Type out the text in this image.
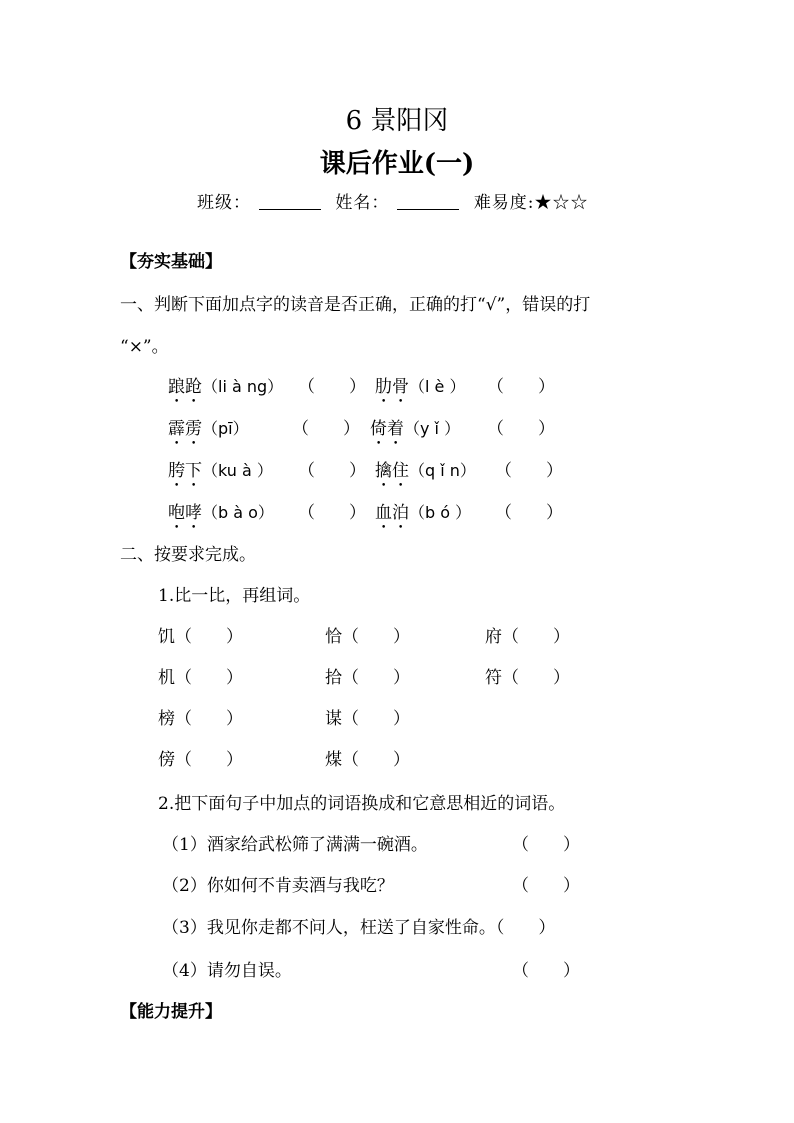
6 景阳冈
课后作业(一)
班级：	姓名：	难易度:★☆☆
【夯实基础】
一、判断下面加点字的读音是否正确，正确的打“√”，错误的打
“×”。
踉跄（li à ng） （　　） 肋骨（l è ） （　　）
霹雳（pī）	（　　） 倚着（y ǐ ） （　　）
胯下（ku à ） （　　） 擒住（q ǐ n） （　　）
咆哮（b à o） （　　） 血泊（b ó ） （　　）
二、按要求完成。
1.比一比，再组词。
饥（　　）	恰（　　）	府（　　）
机（　　）	拾（　　）	符（　　）
榜（　　）	谋（　　）
傍（　　）	煤（　　）
2.把下面句子中加点的词语换成和它意思相近的词语。
（1）酒家给武松筛了满满一碗酒。	（　　）
（2）你如何不肯卖酒与我吃？	（　　）
（3）我见你走都不问人，枉送了自家性命。（　　）
（4）请勿自误。	（　　）
【能力提升】
